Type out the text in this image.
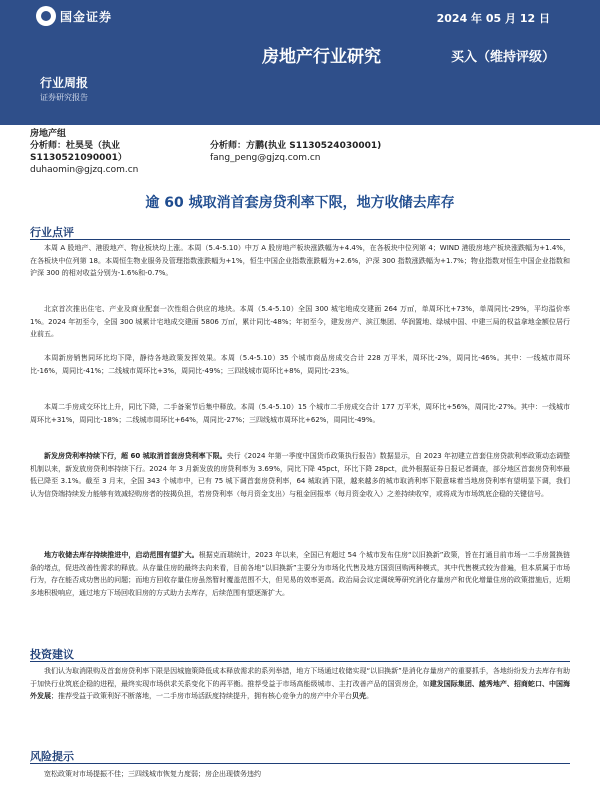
国金证券	2024 年 05 月 12 日
房地产行业研究	买入（维持评级）
行业周报
证券研究报告
房地产组
分析师：杜昊旻（执业
S1130521090001）
duhaomin@gjzq.com.cn
分析师：方鹏(执业 S1130524030001)
fang_peng@gjzq.com.cn
逾 60 城取消首套房贷利率下限，地方收储去库存
行业点评
本周 A 股地产、港股地产、物业板块均上涨。本周（5.4-5.10）中万 A 股房地产板块涨跌幅为+4.4%，在各板块中位列第 4；WIND 港股房地产板块涨跌幅为+1.4%，在各板块中位列第 18。本周恒生物业服务及管理指数涨跌幅为+1%，恒生中国企业指数涨跌幅为+2.6%，沪深 300 指数涨跌幅为+1.7%；物业指数对恒生中国企业指数和沪深 300 的相对收益分别为-1.6%和-0.7%。
北京首次推出住宅、产业及商业配套一次性组合供应的地块。本周（5.4-5.10）全国 300 城宅地成交建面 264 万㎡，单周环比+73%，单周同比-29%，平均溢价率 1%。2024 年初至今，全国 300 城累计宅地成交建面 5806 万㎡，累计同比-48%；年初至今，建发房产、滨江集团、华润置地、绿城中国、中建三局的权益拿地金额位居行业前五。
本周新房销售同环比均下降，静待各地政策发挥效果。本周（5.4-5.10）35 个城市商品房成交合计 228 万平米，周环比-2%，周同比-46%。其中：一线城市周环比-16%，周同比-41%；二线城市周环比+3%，周同比-49%；三四线城市周环比+8%，周同比-23%。
本周二手房成交环比上升，同比下降，二手备案节后集中释放。本周（5.4-5.10）15 个城市二手房成交合计 177 万平米，周环比+56%，周同比-27%。其中：一线城市周环比+31%，周同比-18%；二线城市周环比+64%，周同比-27%；三四线城市周环比+62%，周同比-49%。
新发房贷利率持续下行，超 60 城取消首套房贷利率下限。央行《2024 年第一季度中国货币政策执行报告》数据显示，自 2023 年初建立首套住房贷款利率政策动态调整机制以来，新发放房贷利率持续下行。2024 年 3 月新发放的房贷利率为 3.69%，同比下降 45pct，环比下降 28pct，此外根据证券日报记者调查，部分地区首套房贷利率最低已降至 3.1%。截至 3 月末，全国 343 个城市中，已有 75 城下调首套房贷利率，64 城取消下限，越来越多的城市取消利率下限意味着当地房贷利率有望明显下调，我们认为信贷端持续发力能够有效减轻购房者的按揭负担，若房贷利率（每月资金支出）与租金回报率（每月资金收入）之差持续收窄，或将成为市场筑底企稳的关键信号。
地方收储去库存持续推进中，启动范围有望扩大。根据克而瑞统计，2023 年以来，全国已有超过 54 个城市发布住房“以旧换新”政策，旨在打通目前市场一二手房置换链条的堵点，促进改善性需求的释放。从存量住房的最终去向来看，目前各地“以旧换新”主要分为市场化代售及地方国资回购两种模式，其中代售模式较为普遍，但本质属于市场行为，存在能否成功售出的问题；而地方回收存量住房虽然暂时覆盖范围不大，但见易的效率更高。政治局会议定调统筹研究消化存量房产和优化增量住房的政策措施后，近期多地积极响应，通过地方下场回收旧房的方式助力去库存，后续范围有望逐渐扩大。
投资建议
我们认为取消限购及首套房贷利率下限是因城施策降低成本释放需求的系列举措，地方下场通过收储实现“以旧换新”是消化存量房产的重要抓手，各地纷纷发力去库存有助于加快行业筑底企稳的进程，最终实现市场供求关系变化下的再平衡。推荐受益于市场高能级城市、主打改善产品的国资房企，如建发国际集团、越秀地产、招商蛇口、中国海外发展；推荐受益于政策利好不断落地，一二手房市场活跃度持续提升，拥有核心竞争力的房产中介平台贝壳。
风险提示
宽松政策对市场提振不佳；三四线城市恢复力度弱；房企出现债务违约
